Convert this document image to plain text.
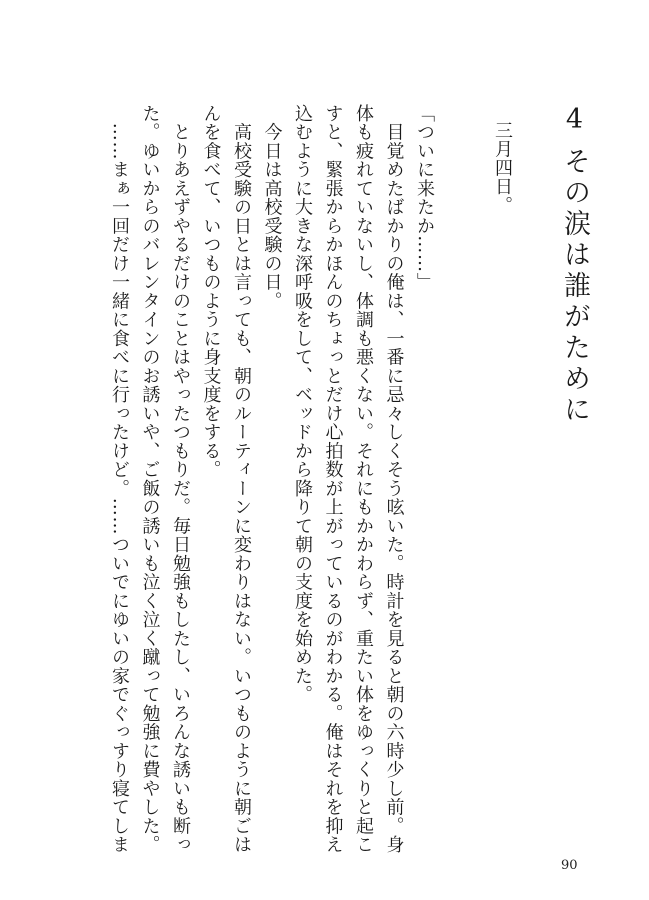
4その涙は誰がために
三月四日。

「ついに来たか……」

　目覚めたばかりの俺は、一番に忌々しくそう呟いた。時計を見ると朝の六時少し前。身

体も疲れていないし、体調も悪くない。それにもかかわらず、重たい体をゆっくりと起こ

すと、緊張からかほんのちょっとだけ心拍数が上がっているのがわかる。俺はそれを抑え

込むように大きな深呼吸をして、ベッドから降りて朝の支度を始めた。

　今日は高校受験の日。

　高校受験の日とは言っても、朝のルーティーンに変わりはない。いつものように朝ごは

んを食べて、いつものように身支度をする。

　とりあえずやるだけのことはやったつもりだ。毎日勉強もしたし、いろんな誘いも断っ

た。ゆいからのバレンタインのお誘いや、ご飯の誘いも泣く泣く蹴って勉強に費やした。

　……まぁ一回だけ一緒に食べに行ったけど。……ついでにゆいの家でぐっすり寝てしま

90
